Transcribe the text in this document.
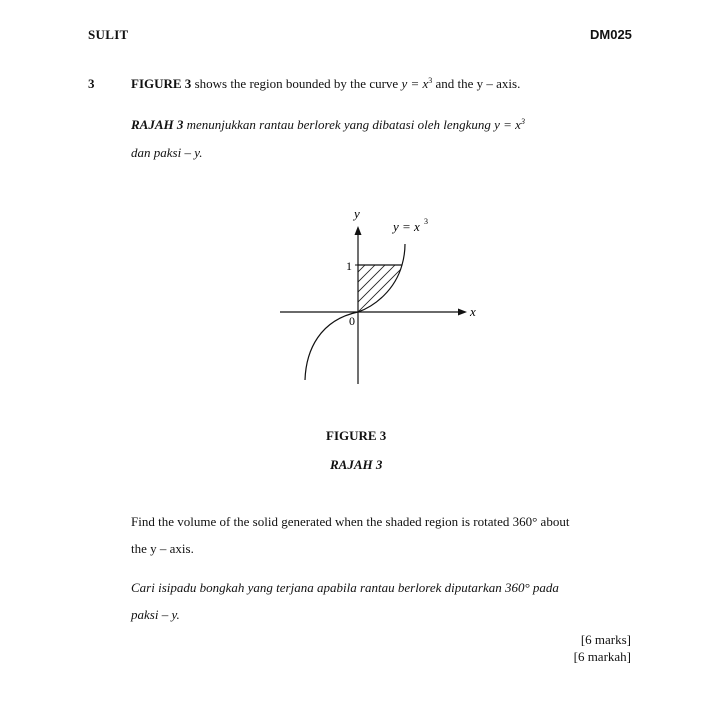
SULIT	DM025
3	FIGURE 3 shows the region bounded by the curve $y = x^3$ and the y – axis.
RAJAH 3 menunjukkan rantau berlorek yang dibatasi oleh lengkung $y = x^3$
dan paksi – y.
y
x
1
0
y = x 3
FIGURE 3
RAJAH 3
Find the volume of the solid generated when the shaded region is rotated 360° about
the y – axis.
Cari isipadu bongkah yang terjana apabila rantau berlorek diputarkan 360° pada
paksi – y.
[6 marks]
[6 markah]
